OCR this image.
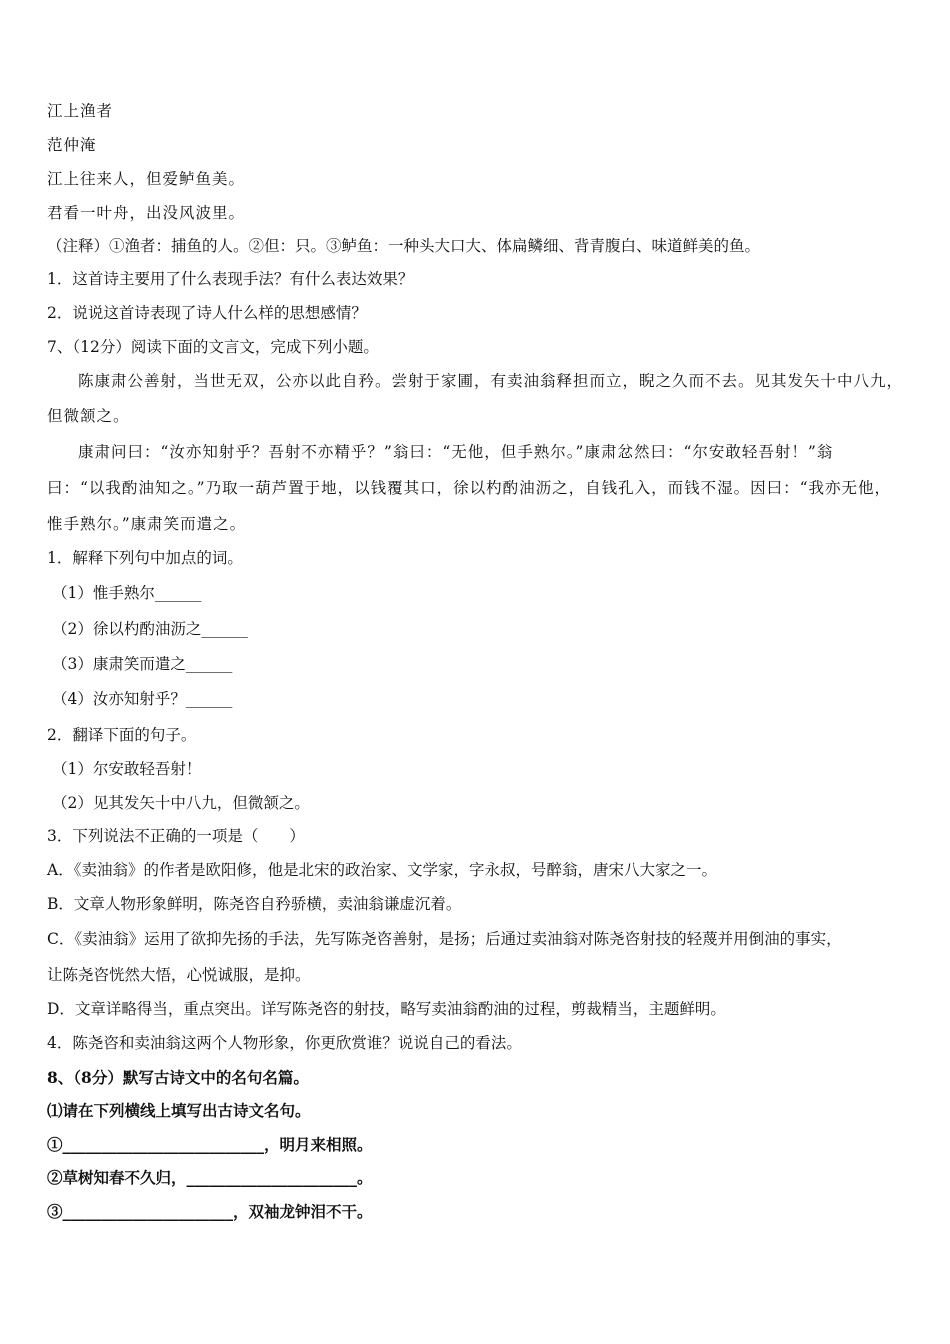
江上渔者
范仲淹
江上往来人，但爱鲈鱼美。
君看一叶舟，出没风波里。
（注释）①渔者：捕鱼的人。②但：只。③鲈鱼：一种头大口大、体扁鳞细、背青腹白、味道鲜美的鱼。
1．这首诗主要用了什么表现手法？有什么表达效果？
2．说说这首诗表现了诗人什么样的思想感情？
7、（12分）阅读下面的文言文，完成下列小题。
陈康肃公善射，当世无双，公亦以此自矜。尝射于家圃，有卖油翁释担而立，睨之久而不去。见其发矢十中八九，
但微颔之。
康肃问曰：“汝亦知射乎？吾射不亦精乎？”翁曰：“无他，但手熟尔。”康肃忿然曰：“尔安敢轻吾射！”翁
曰：“以我酌油知之。”乃取一葫芦置于地，以钱覆其口，徐以杓酌油沥之，自钱孔入，而钱不湿。因曰：“我亦无他，
惟手熟尔。”康肃笑而遣之。
1．解释下列句中加点的词。
（1）惟手熟尔______
（2）徐以杓酌油沥之______
（3）康肃笑而遣之______
（4）汝亦知射乎？______
2．翻译下面的句子。
（1）尔安敢轻吾射！
（2）见其发矢十中八九，但微颔之。
3．下列说法不正确的一项是（　　）
A．《卖油翁》的作者是欧阳修，他是北宋的政治家、文学家，字永叔，号醉翁，唐宋八大家之一。
B．文章人物形象鲜明，陈尧咨自矜骄横，卖油翁谦虚沉着。
C．《卖油翁》运用了欲抑先扬的手法，先写陈尧咨善射，是扬；后通过卖油翁对陈尧咨射技的轻蔑并用倒油的事实，
让陈尧咨恍然大悟，心悦诚服，是抑。
D．文章详略得当，重点突出。详写陈尧咨的射技，略写卖油翁酌油的过程，剪裁精当，主题鲜明。
4．陈尧咨和卖油翁这两个人物形象，你更欣赏谁？说说自己的看法。
8、（8分）默写古诗文中的名句名篇。
⑴请在下列横线上填写出古诗文名句。
①__________________________，明月来相照。
②草树知春不久归，______________________。
③______________________，双袖龙钟泪不干。
